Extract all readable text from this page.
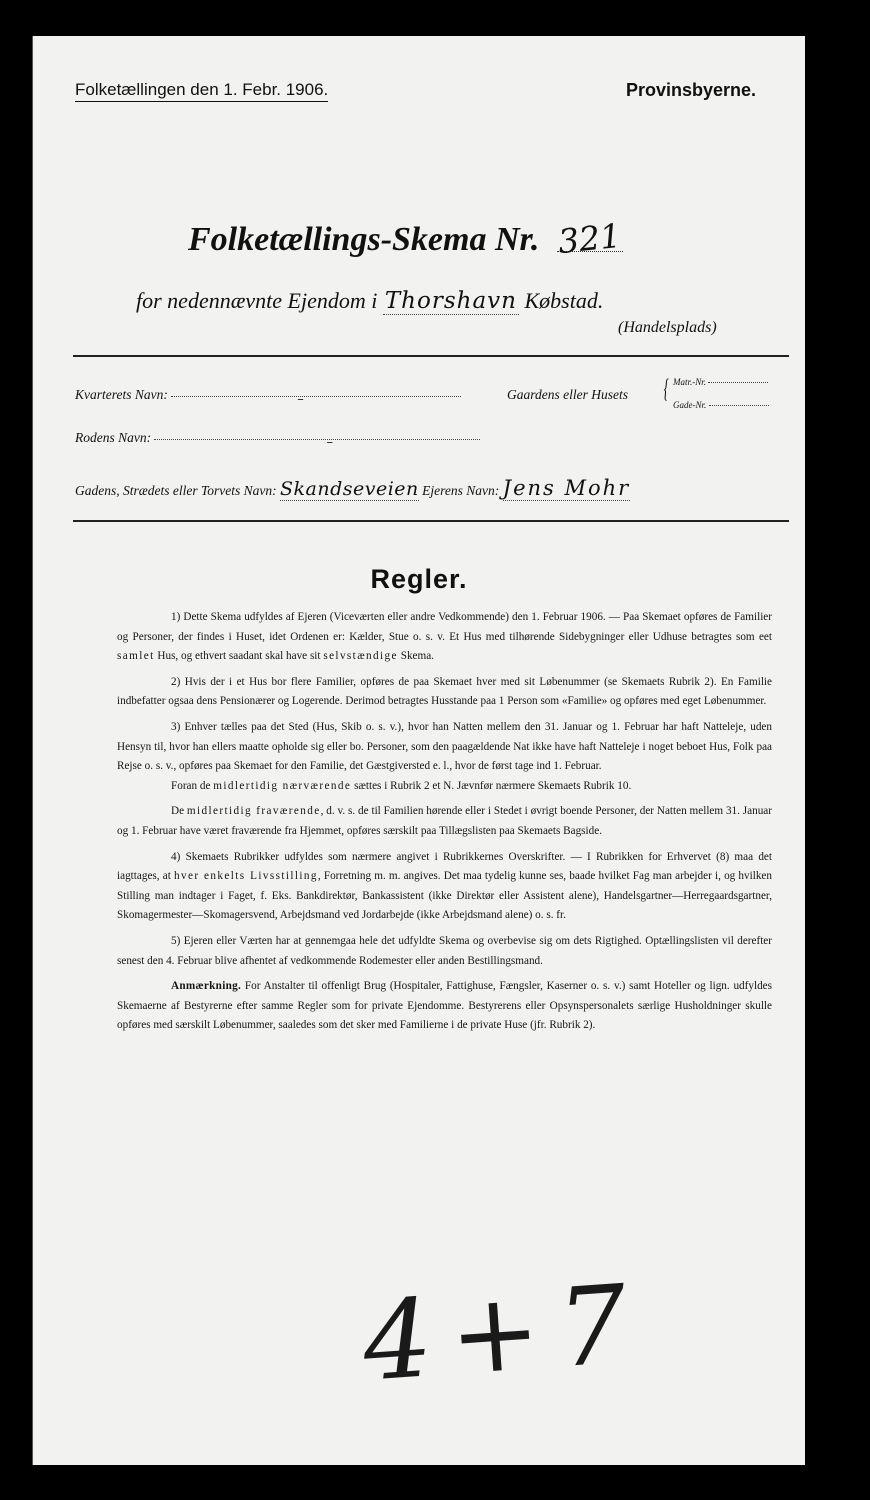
Folketællingen den 1. Febr. 1906.	Provinsbyerne.
Folketællings-Skema Nr. 321
for nedennævnte Ejendom i Thorshavn Købstad.
(Handelsplads)
Kvarterets Navn:	–	Gaardens eller Husets { Matr.-Nr.
Gade-Nr.
Rodens Navn:	–
Gadens, Strædets eller Torvets Navn: Skandseveien Ejerens Navn: Jens Mohr
Regler.

1) Dette Skema udfyldes af Ejeren (Viceværten eller andre Vedkommende) den 1. Februar 1906. — Paa Skemaet opføres de Familier og Personer, der findes i Huset, idet Ordenen er: Kælder, Stue o. s. v. Et Hus med tilhørende Sidebygninger eller Udhuse betragtes som eet samlet Hus, og ethvert saadant skal have sit selvstændige Skema.

2) Hvis der i et Hus bor flere Familier, opføres de paa Skemaet hver med sit Løbenummer (se Skemaets Rubrik 2). En Familie indbefatter ogsaa dens Pensionærer og Logerende. Derimod betragtes Husstande paa 1 Person som «Familie» og opføres med eget Løbenummer.

3) Enhver tælles paa det Sted (Hus, Skib o. s. v.), hvor han Natten mellem den 31. Januar og 1. Februar har haft Natteleje, uden Hensyn til, hvor han ellers maatte opholde sig eller bo. Personer, som den paagældende Nat ikke have haft Natteleje i noget beboet Hus, Folk paa Rejse o. s. v., opføres paa Skemaet for den Familie, det Gæstgiversted e. l., hvor de først tage ind 1. Februar.

Foran de midlertidig nærværende sættes i Rubrik 2 et N. Jævnfør nærmere Skemaets Rubrik 10.

De midlertidig fraværende, d. v. s. de til Familien hørende eller i Stedet i øvrigt boende Personer, der Natten mellem 31. Januar og 1. Februar have været fraværende fra Hjemmet, opføres særskilt paa Tillægslisten paa Skemaets Bagside.

4) Skemaets Rubrikker udfyldes som nærmere angivet i Rubrikkernes Overskrifter. — I Rubrikken for Erhvervet (8) maa det iagttages, at hver enkelts Livsstilling, Forretning m. m. angives. Det maa tydelig kunne ses, baade hvilket Fag man arbejder i, og hvilken Stilling man indtager i Faget, f. Eks. Bankdirektør, Bankassistent (ikke Direktør eller Assistent alene), Handelsgartner—Herregaardsgartner, Skomagermester—Skomagersvend, Arbejdsmand ved Jordarbejde (ikke Arbejdsmand alene) o. s. fr.

5) Ejeren eller Værten har at gennemgaa hele det udfyldte Skema og overbevise sig om dets Rigtighed. Optællingslisten vil derefter senest den 4. Februar blive afhentet af vedkommende Rodemester eller anden Bestillingsmand.

Anmærkning. For Anstalter til offenligt Brug (Hospitaler, Fattighuse, Fængsler, Kaserner o. s. v.) samt Hoteller og lign. udfyldes Skemaerne af Bestyrerne efter samme Regler som for private Ejendomme. Bestyrerens eller Opsynspersonalets særlige Husholdninger skulle opføres med særskilt Løbenummer, saaledes som det sker med Familierne i de private Huse (jfr. Rubrik 2).

4+7
